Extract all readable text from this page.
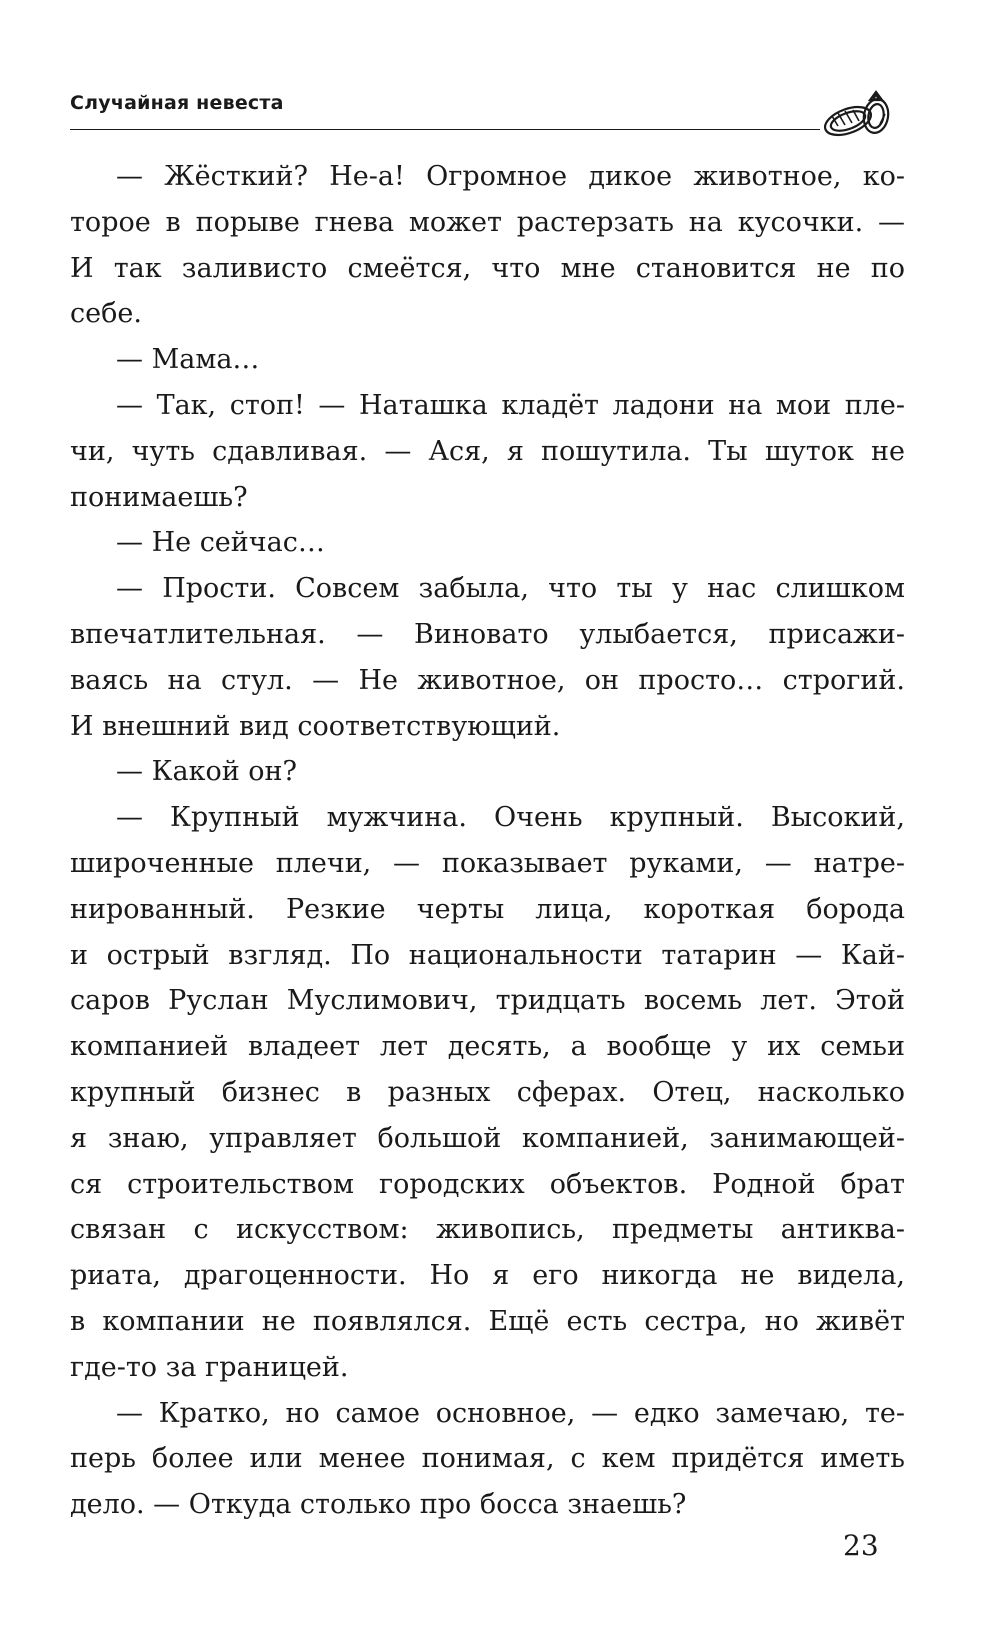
Случайная невеста
— Жёсткий? Не-а! Огромное дикое животное, ко-
торое в порыве гнева может растерзать на кусочки. —
И так заливисто смеётся, что мне становится не по
себе.
— Мама…
— Так, стоп! — Наташка кладёт ладони на мои пле-
чи, чуть сдавливая. — Ася, я пошутила. Ты шуток не
понимаешь?
— Не сейчас…
— Прости. Совсем забыла, что ты у нас слишком
впечатлительная. — Виновато улыбается, присажи-
ваясь на стул. — Не животное, он просто… строгий.
И внешний вид соответствующий.
— Какой он?
— Крупный мужчина. Очень крупный. Высокий,
широченные плечи, — показывает руками, — натре-
нированный. Резкие черты лица, короткая борода
и острый взгляд. По национальности татарин — Кай-
саров Руслан Муслимович, тридцать восемь лет. Этой
компанией владеет лет десять, а вообще у их семьи
крупный бизнес в разных сферах. Отец, насколько
я знаю, управляет большой компанией, занимающей-
ся строительством городских объектов. Родной брат
связан с искусством: живопись, предметы антиква-
риата, драгоценности. Но я его никогда не видела,
в компании не появлялся. Ещё есть сестра, но живёт
где-то за границей.
— Кратко, но самое основное, — едко замечаю, те-
перь более или менее понимая, с кем придётся иметь
дело. — Откуда столько про босса знаешь?
23
